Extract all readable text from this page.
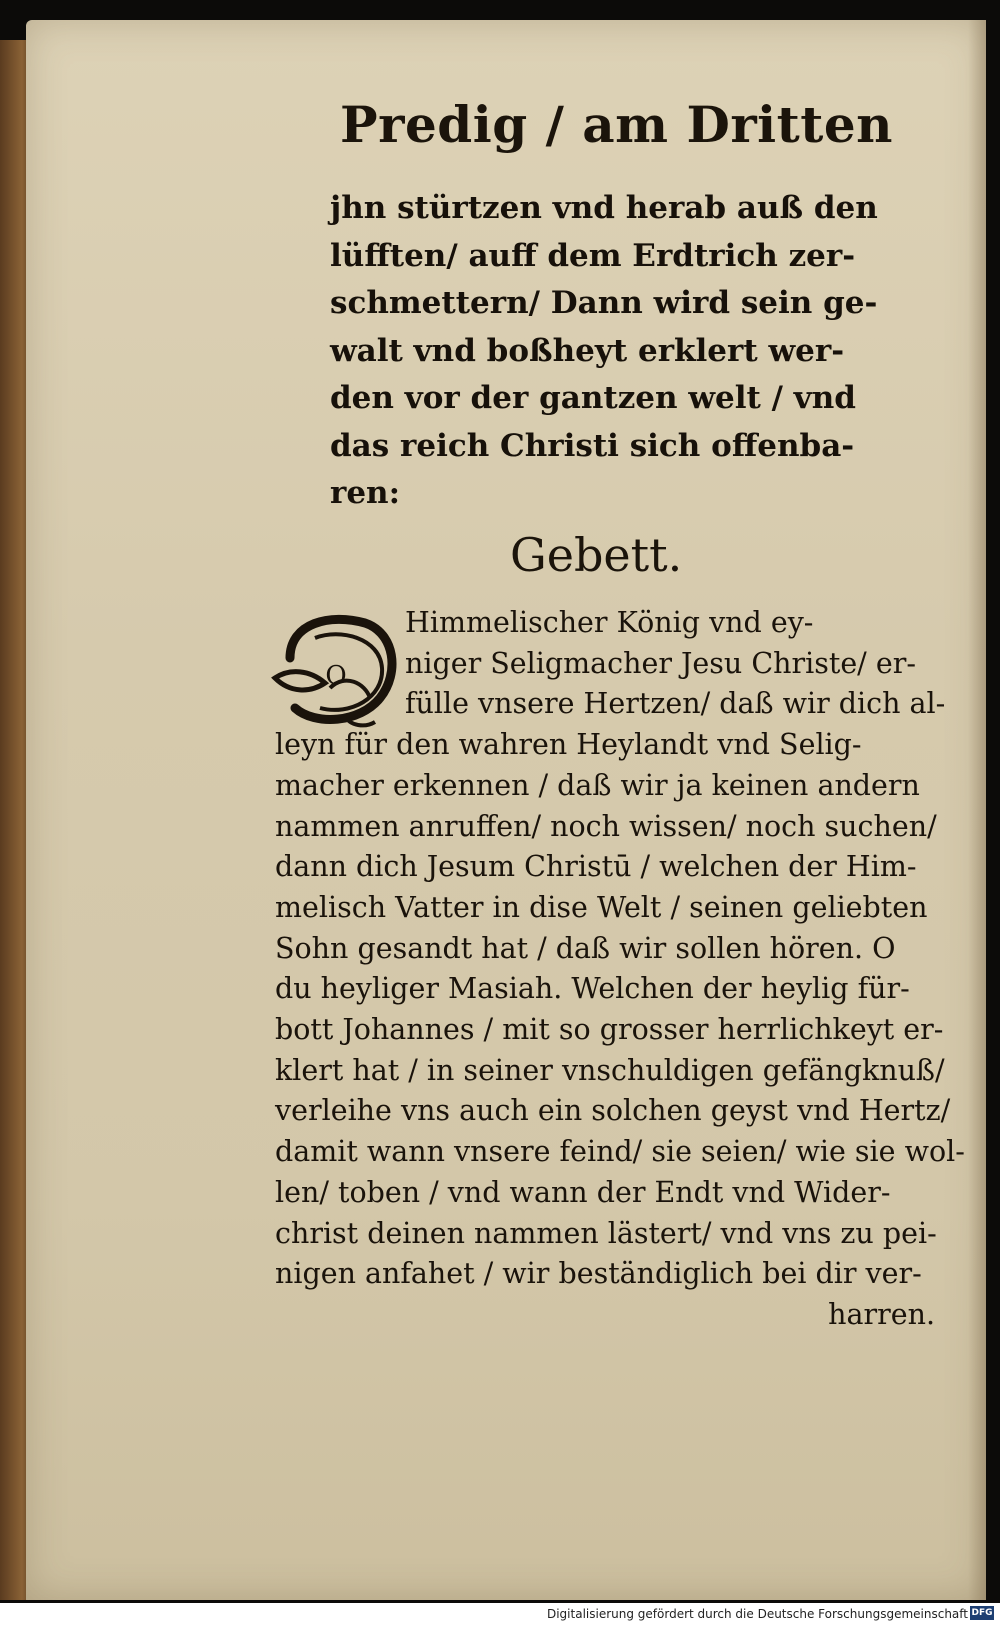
Predig / am Dritten
jhn stürtzen vnd herab auß den
lüfften/ auff dem Erdtrich zer-
schmettern/ Dann wird sein ge-
walt vnd boßheyt erklert wer-
den vor der gantzen welt / vnd
das reich Christi sich offenba-
ren:
Gebett.
O
Himmelischer König vnd ey-
niger Seligmacher Jesu Christe/ er-
fülle vnsere Hertzen/ daß wir dich al-
leyn für den wahren Heylandt vnd Selig-
macher erkennen / daß wir ja keinen andern
nammen anruffen/ noch wissen/ noch suchen/
dann dich Jesum Christū / welchen der Him-
melisch Vatter in dise Welt / seinen geliebten
Sohn gesandt hat / daß wir sollen hören. O
du heyliger Masiah. Welchen der heylig für-
bott Johannes / mit so grosser herrlichkeyt er-
klert hat / in seiner vnschuldigen gefängknuß/
verleihe vns auch ein solchen geyst vnd Hertz/
damit wann vnsere feind/ sie seien/ wie sie wol-
len/ toben / vnd wann der Endt vnd Wider-
christ deinen nammen lästert/ vnd vns zu pei-
nigen anfahet / wir beständiglich bei dir ver-
harren.
Digitalisierung gefördert durch die Deutsche Forschungsgemeinschaft DFG
